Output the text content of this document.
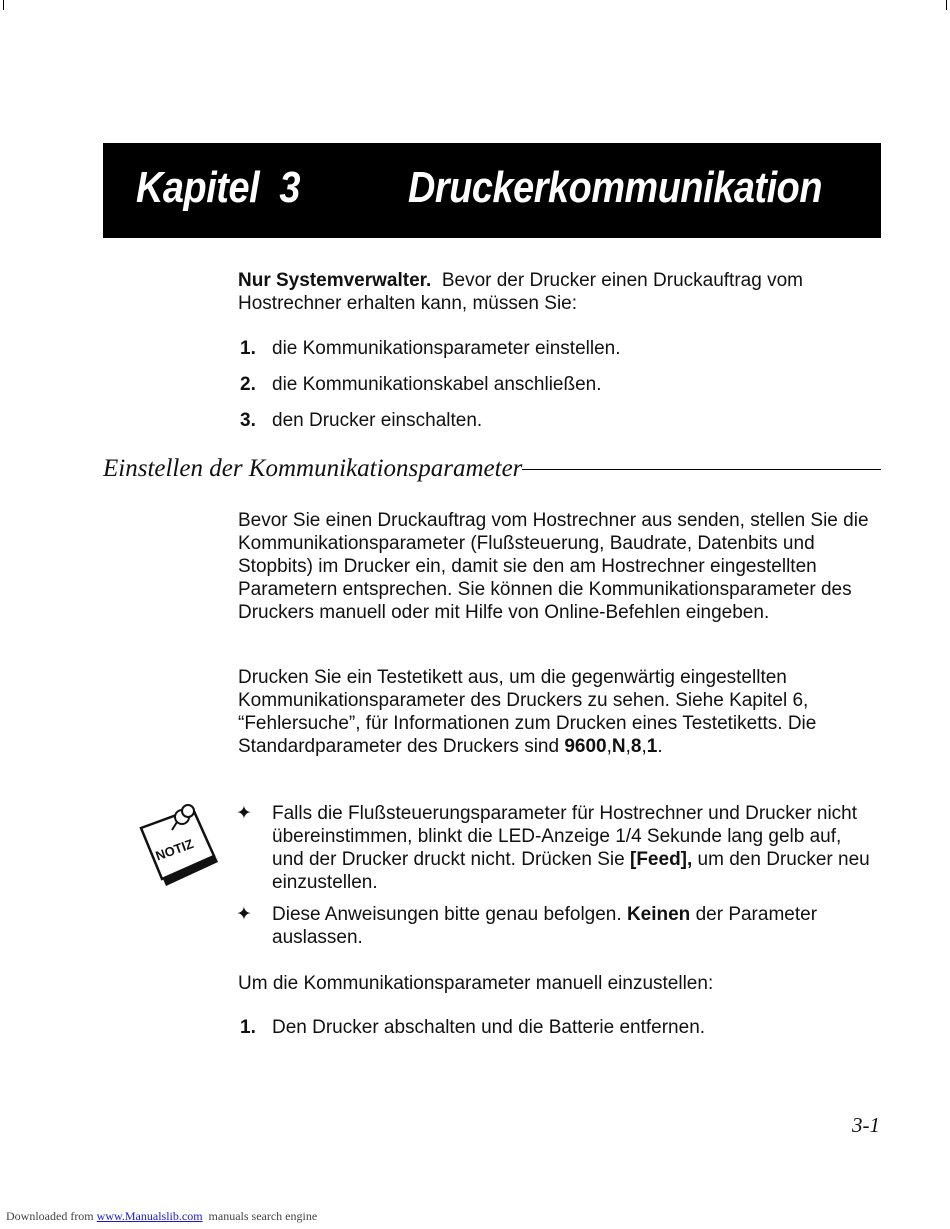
Kapitel  3 Druckerkommunikation
Nur Systemverwalter.  Bevor der Drucker einen Druckauftrag vom Hostrechner erhalten kann, müssen Sie:
1. die Kommunikationsparameter einstellen.
2. die Kommunikationskabel anschließen.
3. den Drucker einschalten.
Einstellen der Kommunikationsparameter
Bevor Sie einen Druckauftrag vom Hostrechner aus senden, stellen Sie die Kommunikationsparameter (Flußsteuerung, Baudrate, Datenbits und Stopbits) im Drucker ein, damit sie den am Hostrechner eingestellten Parametern entsprechen. Sie können die Kommunikationsparameter des Druckers manuell oder mit Hilfe von Online-Befehlen eingeben.
Drucken Sie ein Testetikett aus, um die gegenwärtig eingestellten Kommunikationsparameter des Druckers zu sehen. Siehe Kapitel 6, “Fehlersuche”, für Informationen zum Drucken eines Testetiketts. Die Standardparameter des Druckers sind 9600,N,8,1.
NOTIZ
✦ Falls die Flußsteuerungsparameter für Hostrechner und Drucker nicht übereinstimmen, blinkt die LED-Anzeige 1/4 Sekunde lang gelb auf, und der Drucker druckt nicht. Drücken Sie [Feed], um den Drucker neu einzustellen.
✦ Diese Anweisungen bitte genau befolgen. Keinen der Parameter auslassen.
Um die Kommunikationsparameter manuell einzustellen:
1. Den Drucker abschalten und die Batterie entfernen.
3-1
Downloaded from www.Manualslib.com  manuals search engine
